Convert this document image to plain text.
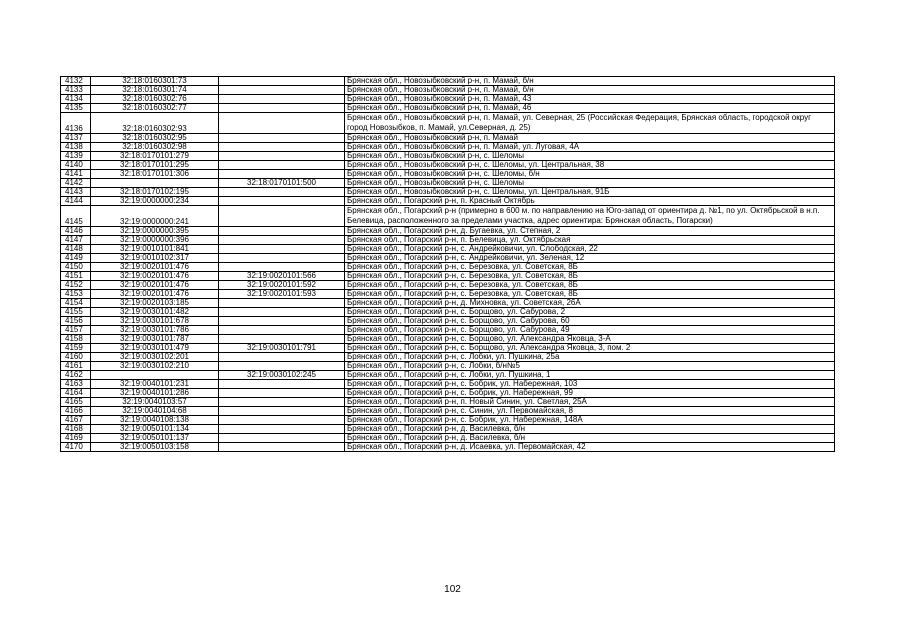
4132	32:18:0160301:73		Брянская обл., Новозыбковский р-н, п. Мамай, б/н
4133	32:18:0160301:74		Брянская обл., Новозыбковский р-н, п. Мамай, б/н
4134	32:18:0160302:76		Брянская обл., Новозыбковский р-н, п. Мамай, 43
4135	32:18:0160302:77		Брянская обл., Новозыбковский р-н, п. Мамай, 46
4136	32:18:0160302:93		Брянская обл., Новозыбковский р-н, п. Мамай, ул. Северная, 25 (Российская Федерация, Брянская область, городской округ город Новозыбков, п. Мамай, ул.Северная, д. 25)
4137	32:18:0160302:95		Брянская обл., Новозыбковский р-н, п. Мамай
4138	32:18:0160302:98		Брянская обл., Новозыбковский р-н, п. Мамай, ул. Луговая, 4А
4139	32:18:0170101:279		Брянская обл., Новозыбковский р-н, с. Шеломы
4140	32:18:0170101:295		Брянская обл., Новозыбковский р-н, с. Шеломы, ул. Центральная, 38
4141	32:18:0170101:306		Брянская обл., Новозыбковский р-н, с. Шеломы, б/н
4142		32:18:0170101:500	Брянская обл., Новозыбковский р-н, с. Шеломы
4143	32:18:0170102:195		Брянская обл., Новозыбковский р-н, с. Шеломы, ул. Центральная, 91Б
4144	32:19:0000000:234		Брянская обл., Погарский р-н, п. Красный Октябрь
4145	32:19:0000000:241		Брянская обл., Погарский р-н (примерно в 600 м. по направлению на Юго-запад от ориентира д. №1, по ул. Октябрьской в н.п. Белевица, расположенного за пределами участка, адрес ориентира: Брянская область, Погарски)
4146	32:19:0000000:395		Брянская обл., Погарский р-н, д. Бугаевка, ул. Степная, 2
4147	32:19:0000000:396		Брянская обл., Погарский р-н, п. Белевица, ул. Октябрьская
4148	32:19:0010101:841		Брянская обл., Погарский р-н, с. Андрейковичи, ул. Слободская, 22
4149	32:19:0010102:317		Брянская обл., Погарский р-н, с. Андрейковичи, ул. Зеленая, 12
4150	32:19:0020101:476		Брянская обл., Погарский р-н, с. Березовка, ул. Советская, 8Б
4151	32:19:0020101:476	32:19:0020101:566	Брянская обл., Погарский р-н, с. Березовка, ул. Советская, 8Б
4152	32:19:0020101:476	32:19:0020101:592	Брянская обл., Погарский р-н, с. Березовка, ул. Советская, 8Б
4153	32:19:0020101:476	32:19:0020101:593	Брянская обл., Погарский р-н, с. Березовка, ул. Советская, 8Б
4154	32:19:0020103:185		Брянская обл., Погарский р-н, д. Михновка, ул. Советская, 26А
4155	32:19:0030101:482		Брянская обл., Погарский р-н, с. Борщово, ул. Сабурова, 2
4156	32:19:0030101:678		Брянская обл., Погарский р-н, с. Борщово, ул. Сабурова, 60
4157	32:19:0030101:786		Брянская обл., Погарский р-н, с. Борщово, ул. Сабурова, 49
4158	32:19:0030101:787		Брянская обл., Погарский р-н, с. Борщово, ул. Александра Яковца, 3-А
4159	32:19:0030101:479	32:19:0030101:791	Брянская обл., Погарский р-н, с. Борщово, ул. Александра Яковца, 3, пом. 2
4160	32:19:0030102:201		Брянская обл., Погарский р-н, с. Лобки, ул. Пушкина, 25а
4161	32:19:0030102:210		Брянская обл., Погарский р-н, с. Лобки, б/н№5
4162		32:19:0030102:245	Брянская обл., Погарский р-н, с. Лобки, ул. Пушкина, 1
4163	32:19:0040101:231		Брянская обл., Погарский р-н, с. Бобрик, ул. Набережная, 103
4164	32:19:0040101:286		Брянская обл., Погарский р-н, с. Бобрик, ул. Набережная, 99
4165	32:19:0040103:57		Брянская обл., Погарский р-н, п. Новый Синин, ул. Светлая, 25А
4166	32:19:0040104:68		Брянская обл., Погарский р-н, с. Синин, ул. Первомайская, 8
4167	32:19:0040108:138		Брянская обл., Погарский р-н, с. Бобрик, ул. Набережная, 148А
4168	32:19:0050101:134		Брянская обл., Погарский р-н, д. Василевка, б/н
4169	32:19:0050101:137		Брянская обл., Погарский р-н, д. Василевка, б/н
4170	32:19:0050103:158		Брянская обл., Погарский р-н, д. Исаевка, ул. Первомайская, 42
102
